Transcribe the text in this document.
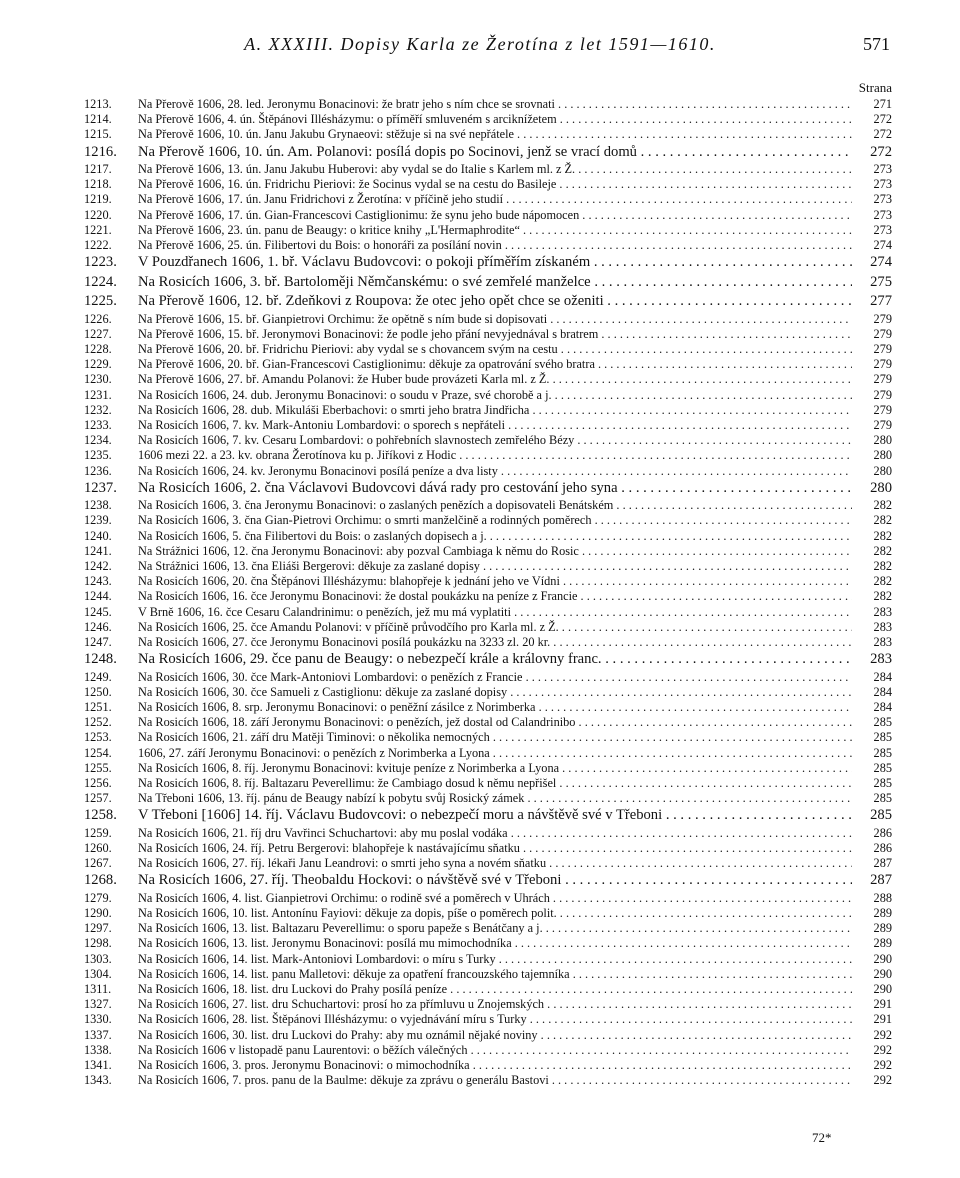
A. XXXIII. Dopisy Karla ze Žerotína z let 1591—1610.	571
Strana
1213.	Na Přerově 1606, 28. led. Jeronymu Bonacinovi: že bratr jeho s ním chce se srovnati . . .	271
1214.	Na Přerově 1606, 4. ún. Štěpánovi Illésházymu: o příměří smluveném s arciknížetem . . .	272
1215.	Na Přerově 1606, 10. ún. Janu Jakubu Grynaeovi: stěžuje si na své nepřátele . . .	272
1216.	Na Přerově 1606, 10. ún. Am. Polanovi: posílá dopis po Socinovi, jenž se vrací domů . . .	272
1217.	Na Přerově 1606, 13. ún. Janu Jakubu Huberovi: aby vydal se do Italie s Karlem ml. z Ž. . . .	273
1218.	Na Přerově 1606, 16. ún. Fridrichu Pieriovi: že Socinus vydal se na cestu do Basileje . . .	273
1219.	Na Přerově 1606, 17. ún. Janu Fridrichovi z Žerotína: v příčině jeho studií . . .	273
1220.	Na Přerově 1606, 17. ún. Gian-Francescovi Castiglionimu: že synu jeho bude nápomocen . . .	273
1221.	Na Přerově 1606, 23. ún. panu de Beaugy: o kritice knihy „L'Hermaphrodite“ . . .	273
1222.	Na Přerově 1606, 25. ún. Filibertovi du Bois: o honoráři za posílání novin . . .	274
1223.	V Pouzdřanech 1606, 1. bř. Václavu Budovcovi: o pokoji příměřím získaném . . .	274
1224.	Na Rosicích 1606, 3. bř. Bartoloměji Němčanskému: o své zemřelé manželce . . .	275
1225.	Na Přerově 1606, 12. bř. Zdeňkovi z Roupova: že otec jeho opět chce se oženiti . . .	277
1226.	Na Přerově 1606, 15. bř. Gianpietrovi Orchimu: že opětně s ním bude si dopisovati . . .	279
1227.	Na Přerově 1606, 15. bř. Jeronymovi Bonacinovi: že podle jeho přání nevyjednával s bratrem . . .	279
1228.	Na Přerově 1606, 20. bř. Fridrichu Pieriovi: aby vydal se s chovancem svým na cestu . . .	279
1229.	Na Přerově 1606, 20. bř. Gian-Francescovi Castiglionimu: děkuje za opatrování svého bratra . . .	279
1230.	Na Přerově 1606, 27. bř. Amandu Polanovi: že Huber bude provázeti Karla ml. z Ž. . . .	279
1231.	Na Rosicích 1606, 24. dub. Jeronymu Bonacinovi: o soudu v Praze, své chorobě a j. . . .	279
1232.	Na Rosicích 1606, 28. dub. Mikuláši Eberbachovi: o smrti jeho bratra Jindřicha . . .	279
1233.	Na Rosicích 1606, 7. kv. Mark-Antoniu Lombardovi: o sporech s nepřáteli . . .	279
1234.	Na Rosicích 1606, 7. kv. Cesaru Lombardovi: o pohřebních slavnostech zemřelého Bézy . . .	280
1235.	1606 mezi 22. a 23. kv. obrana Žerotínova ku p. Jiříkovi z Hodic . . .	280
1236.	Na Rosicích 1606, 24. kv. Jeronymu Bonacinovi posílá peníze a dva listy . . .	280
1237.	Na Rosicích 1606, 2. čna Václavovi Budovcovi dává rady pro cestování jeho syna . . .	280
1238.	Na Rosicích 1606, 3. čna Jeronymu Bonacinovi: o zaslaných penězích a dopisovateli Benátském . . .	282
1239.	Na Rosicích 1606, 3. čna Gian-Pietrovi Orchimu: o smrti manželčině a rodinných poměrech . . .	282
1240.	Na Rosicích 1606, 5. čna Filibertovi du Bois: o zaslaných dopisech a j. . . .	282
1241.	Na Strážnici 1606, 12. čna Jeronymu Bonacinovi: aby pozval Cambiaga k němu do Rosic . . .	282
1242.	Na Strážnici 1606, 13. čna Eliáši Bergerovi: děkuje za zaslané dopisy . . .	282
1243.	Na Rosicích 1606, 20. čna Štěpánovi Illésházymu: blahopřeje k jednání jeho ve Vídni . . .	282
1244.	Na Rosicích 1606, 16. čce Jeronymu Bonacinovi: že dostal poukázku na peníze z Francie . . .	282
1245.	V Brně 1606, 16. čce Cesaru Calandrinimu: o penězích, jež mu má vyplatiti . . .	283
1246.	Na Rosicích 1606, 25. čce Amandu Polanovi: v příčině průvodčího pro Karla ml. z Ž. . . .	283
1247.	Na Rosicích 1606, 27. čce Jeronymu Bonacinovi posílá poukázku na 3233 zl. 20 kr. . . .	283
1248.	Na Rosicích 1606, 29. čce panu de Beaugy: o nebezpečí krále a královny franc. . . .	283
1249.	Na Rosicích 1606, 30. čce Mark-Antoniovi Lombardovi: o penězích z Francie . . .	284
1250.	Na Rosicích 1606, 30. čce Samueli z Castiglionu: děkuje za zaslané dopisy . . .	284
1251.	Na Rosicích 1606, 8. srp. Jeronymu Bonacinovi: o peněžní zásilce z Norimberka . . .	284
1252.	Na Rosicích 1606, 18. září Jeronymu Bonacinovi: o penězích, jež dostal od Calandrinibo . . .	285
1253.	Na Rosicích 1606, 21. září dru Matěji Timinovi: o několika nemocných . . .	285
1254.	1606, 27. září Jeronymu Bonacinovi: o penězích z Norimberka a Lyona . . .	285
1255.	Na Rosicích 1606, 8. říj. Jeronymu Bonacinovi: kvituje peníze z Norimberka a Lyona . . .	285
1256.	Na Rosicích 1606, 8. říj. Baltazaru Peverellimu: že Cambiago dosud k němu nepřišel . . .	285
1257.	Na Třeboni 1606, 13. říj. pánu de Beaugy nabízí k pobytu svůj Rosický zámek . . .	285
1258.	V Třeboni [1606] 14. říj. Václavu Budovcovi: o nebezpečí moru a návštěvě své v Třeboni . . .	285
1259.	Na Rosicích 1606, 21. říj dru Vavřinci Schuchartovi: aby mu poslal vodáka . . .	286
1260.	Na Rosicích 1606, 24. říj. Petru Bergerovi: blahopřeje k nastávajícímu sňatku . . .	286
1267.	Na Rosicích 1606, 27. říj. lékaři Janu Leandrovi: o smrti jeho syna a novém sňatku . . .	287
1268.	Na Rosicích 1606, 27. říj. Theobaldu Hockovi: o návštěvě své v Třeboni . . .	287
1279.	Na Rosicích 1606, 4. list. Gianpietrovi Orchimu: o rodině své a poměrech v Uhrách . . .	288
1290.	Na Rosicích 1606, 10. list. Antonínu Fayiovi: děkuje za dopis, píše o poměrech polit. . . .	289
1297.	Na Rosicích 1606, 13. list. Baltazaru Peverellimu: o sporu papeže s Benátčany a j. . . .	289
1298.	Na Rosicích 1606, 13. list. Jeronymu Bonacinovi: posílá mu mimochodníka . . .	289
1303.	Na Rosicích 1606, 14. list. Mark-Antoniovi Lombardovi: o míru s Turky . . .	290
1304.	Na Rosicích 1606, 14. list. panu Malletovi: děkuje za opatření francouzského tajemníka . . .	290
1311.	Na Rosicích 1606, 18. list. dru Luckovi do Prahy posílá peníze . . .	290
1327.	Na Rosicích 1606, 27. list. dru Schuchartovi: prosí ho za přímluvu u Znojemských . . .	291
1330.	Na Rosicích 1606, 28. list. Štěpánovi Illésházymu: o vyjednávání míru s Turky . . .	291
1337.	Na Rosicích 1606, 30. list. dru Luckovi do Prahy: aby mu oznámil nějaké noviny . . .	292
1338.	Na Rosicích 1606 v listopadě panu Laurentovi: o běžích válečných . . .	292
1341.	Na Rosicích 1606, 3. pros. Jeronymu Bonacinovi: o mimochodníka . . .	292
1343.	Na Rosicích 1606, 7. pros. panu de la Baulme: děkuje za zprávu o generálu Bastovi . . .	292
72*
